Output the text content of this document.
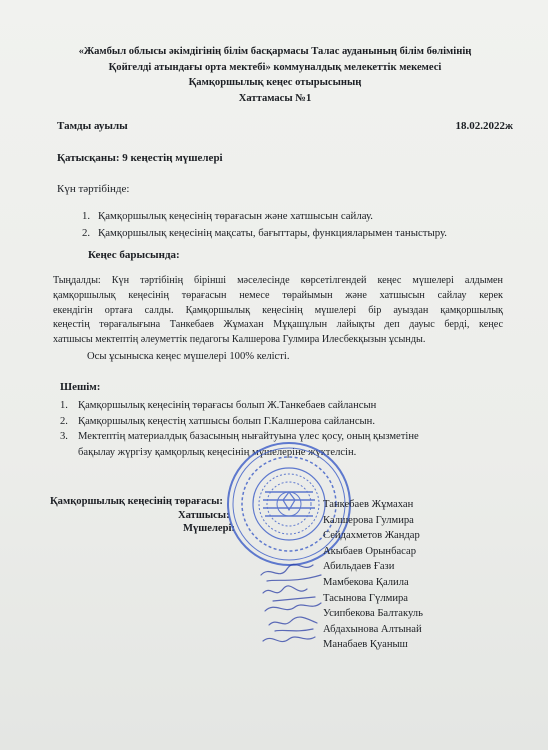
«Жамбыл облысы әкімдігінің білім басқармасы Талас ауданының білім бөлімінің
Қойгелді атындағы орта мектебі» коммуналдық мелекеттік мекемесі
Қамқоршылық кеңес отырысының
Хаттамасы №1
Тамды ауылы	18.02.2022ж
Қатысқаны: 9 кеңестің мүшелері
Күн тәртібінде:
1. Қамқоршылық кеңесінің төрағасын және хатшысын сайлау.
2. Қамқоршылық кеңесінің мақсаты, бағыттары, функцияларымен таныстыру.
Кеңес барысында:
Тыңдалды: Күн тәртібінің бірінші мәселесінде көрсетілгендей кеңес мүшелері алдымен
қамқоршылық кеңесінің төрағасын немесе төрайымын және хатшысын сайлау керек
екендігін ортаға салды. Қамқоршылық кеңесінің мүшелері бір ауыздан қамқоршылық
кеңестің төрағалығына Танкебаев Жұмахан Мұқашұлын лайықты деп дауыс берді, кеңес
хатшысы мектептің әлеуметтік педагогы Калшерова Гулмира Илесбекқызын ұсынды.
Осы ұсыныска кеңес мүшелері 100% келісті.
Шешім:
1. Қамқоршылық кеңесінің төрағасы болып Ж.Танкебаев сайлансын
2. Қамқоршылық кеңестің хатшысы болып Г.Калшерова сайлансын.
3. Мектептің материалдық базасының нығайтуына үлес қосу, оның қызметіне
бақылау жүргізу қамқорлық кеңесінің мүшелеріне жүктелсін.
Қамқоршылық кеңесінің төрағасы:
Хатшысы:
Мүшелері:
Танкебаев Жұмахан
Калшерова Гулмира
Сейдахметов Жандар
Акыбаев Орынбасар
Абильдаев Ғази
Мамбекова Қалила
Тасынова Гүлмира
Усипбекова Балтакуль
Абдахынова Алтынай
Манабаев Қуаныш
